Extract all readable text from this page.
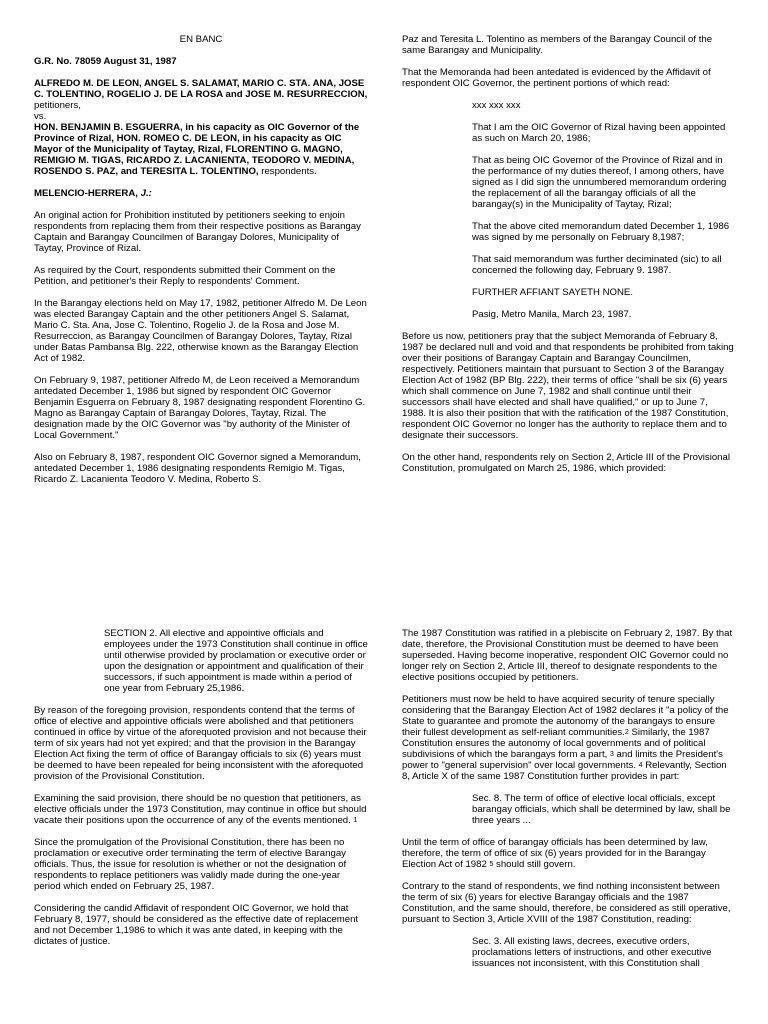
EN BANC

G.R. No. 78059 August 31, 1987

ALFREDO M. DE LEON, ANGEL S. SALAMAT, MARIO C. STA. ANA, JOSE C. TOLENTINO, ROGELIO J. DE LA ROSA and JOSE M. RESURRECCION, petitioners,

vs.

HON. BENJAMIN B. ESGUERRA, in his capacity as OIC Governor of the Province of Rizal, HON. ROMEO C. DE LEON, in his capacity as OIC Mayor of the Municipality of Taytay, Rizal, FLORENTINO G. MAGNO, REMIGIO M. TIGAS, RICARDO Z. LACANIENTA, TEODORO V. MEDINA, ROSENDO S. PAZ, and TERESITA L. TOLENTINO, respondents.

MELENCIO-HERRERA, J.:

An original action for Prohibition instituted by petitioners seeking to enjoin respondents from replacing them from their respective positions as Barangay Captain and Barangay Councilmen of Barangay Dolores, Municipality of Taytay, Province of Rizal.

As required by the Court, respondents submitted their Comment on the Petition, and petitioner's their Reply to respondents' Comment.

In the Barangay elections held on May 17, 1982, petitioner Alfredo M. De Leon was elected Barangay Captain and the other petitioners Angel S. Salamat, Mario C. Sta. Ana, Jose C. Tolentino, Rogelio J. de la Rosa and Jose M. Resurreccion, as Barangay Councilmen of Barangay Dolores, Taytay, Rizal under Batas Pambansa Blg. 222, otherwise known as the Barangay Election Act of 1982.

On February 9, 1987, petitioner Alfredo M, de Leon received a Memorandum antedated December 1, 1986 but signed by respondent OIC Governor Benjamin Esguerra on February 8, 1987 designating respondent Florentino G. Magno as Barangay Captain of Barangay Dolores, Taytay, Rizal. The designation made by the OIC Governor was "by authority of the Minister of Local Government."

Also on February 8, 1987, respondent OIC Governor signed a Memorandum, antedated December 1, 1986 designating respondents Remigio M. Tigas, Ricardo Z. Lacanienta Teodoro V. Medina, Roberto S.

Paz and Teresita L. Tolentino as members of the Barangay Council of the same Barangay and Municipality.

That the Memoranda had been antedated is evidenced by the Affidavit of respondent OIC Governor, the pertinent portions of which read:

xxx xxx xxx

That I am the OIC Governor of Rizal having been appointed as such on March 20, 1986;

That as being OIC Governor of the Province of Rizal and in the performance of my duties thereof, I among others, have signed as I did sign the unnumbered memorandum ordering the replacement of all the barangay officials of all the barangay(s) in the Municipality of Taytay, Rizal;

That the above cited memorandum dated December 1, 1986 was signed by me personally on February 8,1987;

That said memorandum was further deciminated (sic) to all concerned the following day, February 9. 1987.

FURTHER AFFIANT SAYETH NONE.

Pasig, Metro Manila, March 23, 1987.

Before us now, petitioners pray that the subject Memoranda of February 8, 1987 be declared null and void and that respondents be prohibited from taking over their positions of Barangay Captain and Barangay Councilmen, respectively. Petitioners maintain that pursuant to Section 3 of the Barangay Election Act of 1982 (BP Blg. 222), their terms of office "shall be six (6) years which shall commence on June 7, 1982 and shall continue until their successors shall have elected and shall have qualified," or up to June 7, 1988. It is also their position that with the ratification of the 1987 Constitution, respondent OIC Governor no longer has the authority to replace them and to designate their successors.

On the other hand, respondents rely on Section 2, Article III of the Provisional Constitution, promulgated on March 25, 1986, which provided:

SECTION 2. All elective and appointive officials and employees under the 1973 Constitution shall continue in office until otherwise provided by proclamation or executive order or upon the designation or appointment and qualification of their successors, if such appointment is made within a period of one year from February 25,1986.

By reason of the foregoing provision, respondents contend that the terms of office of elective and appointive officials were abolished and that petitioners continued in office by virtue of the aforequoted provision and not because their term of six years had not yet expired; and that the provision in the Barangay Election Act fixing the term of office of Barangay officials to six (6) years must be deemed to have been repealed for being inconsistent with the aforequoted provision of the Provisional Constitution.

Examining the said provision, there should be no question that petitioners, as elective officials under the 1973 Constitution, may continue in office but should vacate their positions upon the occurrence of any of the events mentioned. $^1$

Since the promulgation of the Provisional Constitution, there has been no proclamation or executive order terminating the term of elective Barangay officials. Thus, the issue for resolution is whether or not the designation of respondents to replace petitioners was validly made during the one-year period which ended on February 25, 1987.

Considering the candid Affidavit of respondent OIC Governor, we hold that February 8, 1977, should be considered as the effective date of replacement and not December 1,1986 to which it was ante dated, in keeping with the dictates of justice.

The 1987 Constitution was ratified in a plebiscite on February 2, 1987. By that date, therefore, the Provisional Constitution must be deemed to have been superseded. Having become inoperative, respondent OIC Governor could no longer rely on Section 2, Article III, thereof to designate respondents to the elective positions occupied by petitioners.

Petitioners must now be held to have acquired security of tenure specially considering that the Barangay Election Act of 1982 declares it "a policy of the State to guarantee and promote the autonomy of the barangays to ensure their fullest development as self-reliant communities.$^2$ Similarly, the 1987 Constitution ensures the autonomy of local governments and of political subdivisions of which the barangays form a part, $^3$ and limits the President's power to "general supervision" over local governments. $^4$ Relevantly, Section 8, Article X of the same 1987 Constitution further provides in part:

Sec. 8. The term of office of elective local officials, except barangay officials, which shall be determined by law, shall be three years ...

Until the term of office of barangay officials has been determined by law, therefore, the term of office of six (6) years provided for in the Barangay Election Act of 1982 $^5$ should still govern.

Contrary to the stand of respondents, we find nothing inconsistent between the term of six (6) years for elective Barangay officials and the 1987 Constitution, and the same should, therefore, be considered as still operative, pursuant to Section 3, Article XVIII of the 1987 Constitution, reading:

Sec. 3. All existing laws, decrees, executive orders, proclamations letters of instructions, and other executive issuances not inconsistent, with this Constitution shall
